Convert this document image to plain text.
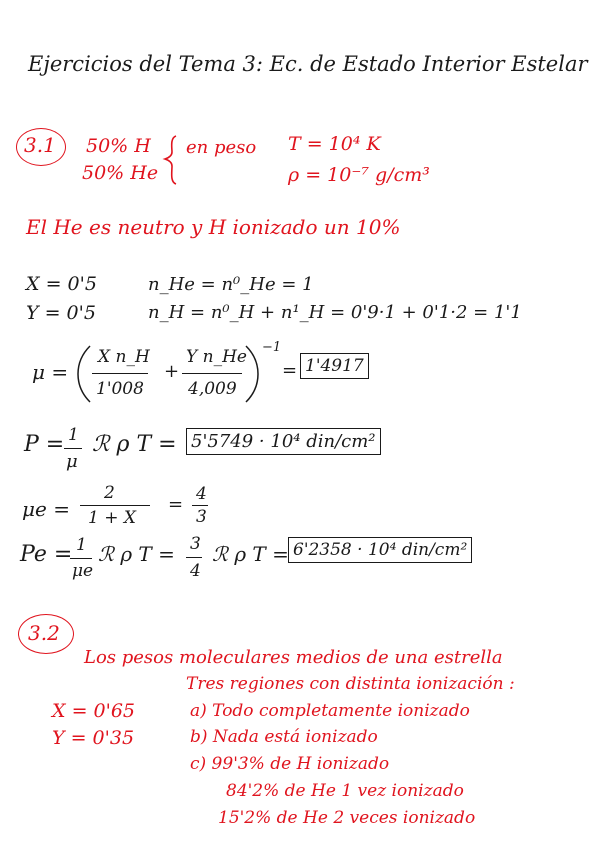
Ejercicios del Tema 3: Ec. de Estado Interior Estelar
3.1 50% H
50% He
en peso T = 10⁴ K
ρ = 10⁻⁷ g/cm³
El He es neutro y H ionizado un 10%
X = 0'5
Y = 0'5
n_He = n⁰_He = 1
n_H = n⁰_H + n¹_H = 0'9·1 + 0'1·2 = 1'1
μ =
X n_H
1'008
+
Y n_He
4,009
−1
= 1'4917
P = 1
μ
ℛ ρ T = 5'5749 · 10⁴ din/cm²
μe =
2
1 + X
= 4
3
Pe = 1
μe
ℛ ρ T = 3
4
ℛ ρ T = 6'2358 · 10⁴ din/cm²
3.2
Los pesos moleculares medios de una estrella
Tres regiones con distinta ionización :
X = 0'65
Y = 0'35
a) Todo completamente ionizado
b) Nada está ionizado
c) 99'3% de H ionizado
84'2% de He 1 vez ionizado
15'2% de He 2 veces ionizado
